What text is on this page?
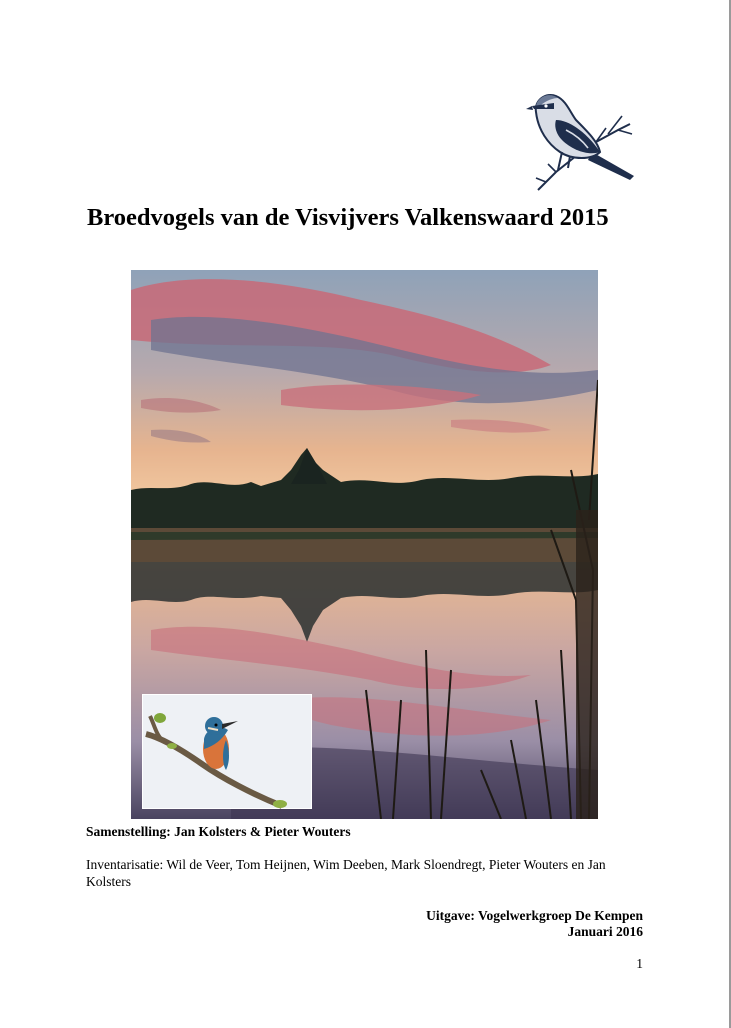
Broedvogels van de Visvijvers Valkenswaard 2015
Samenstelling: Jan Kolsters & Pieter Wouters
Inventarisatie: Wil de Veer, Tom Heijnen, Wim Deeben, Mark Sloendregt, Pieter Wouters en Jan
Kolsters
Uitgave: Vogelwerkgroep De Kempen
Januari 2016
1
